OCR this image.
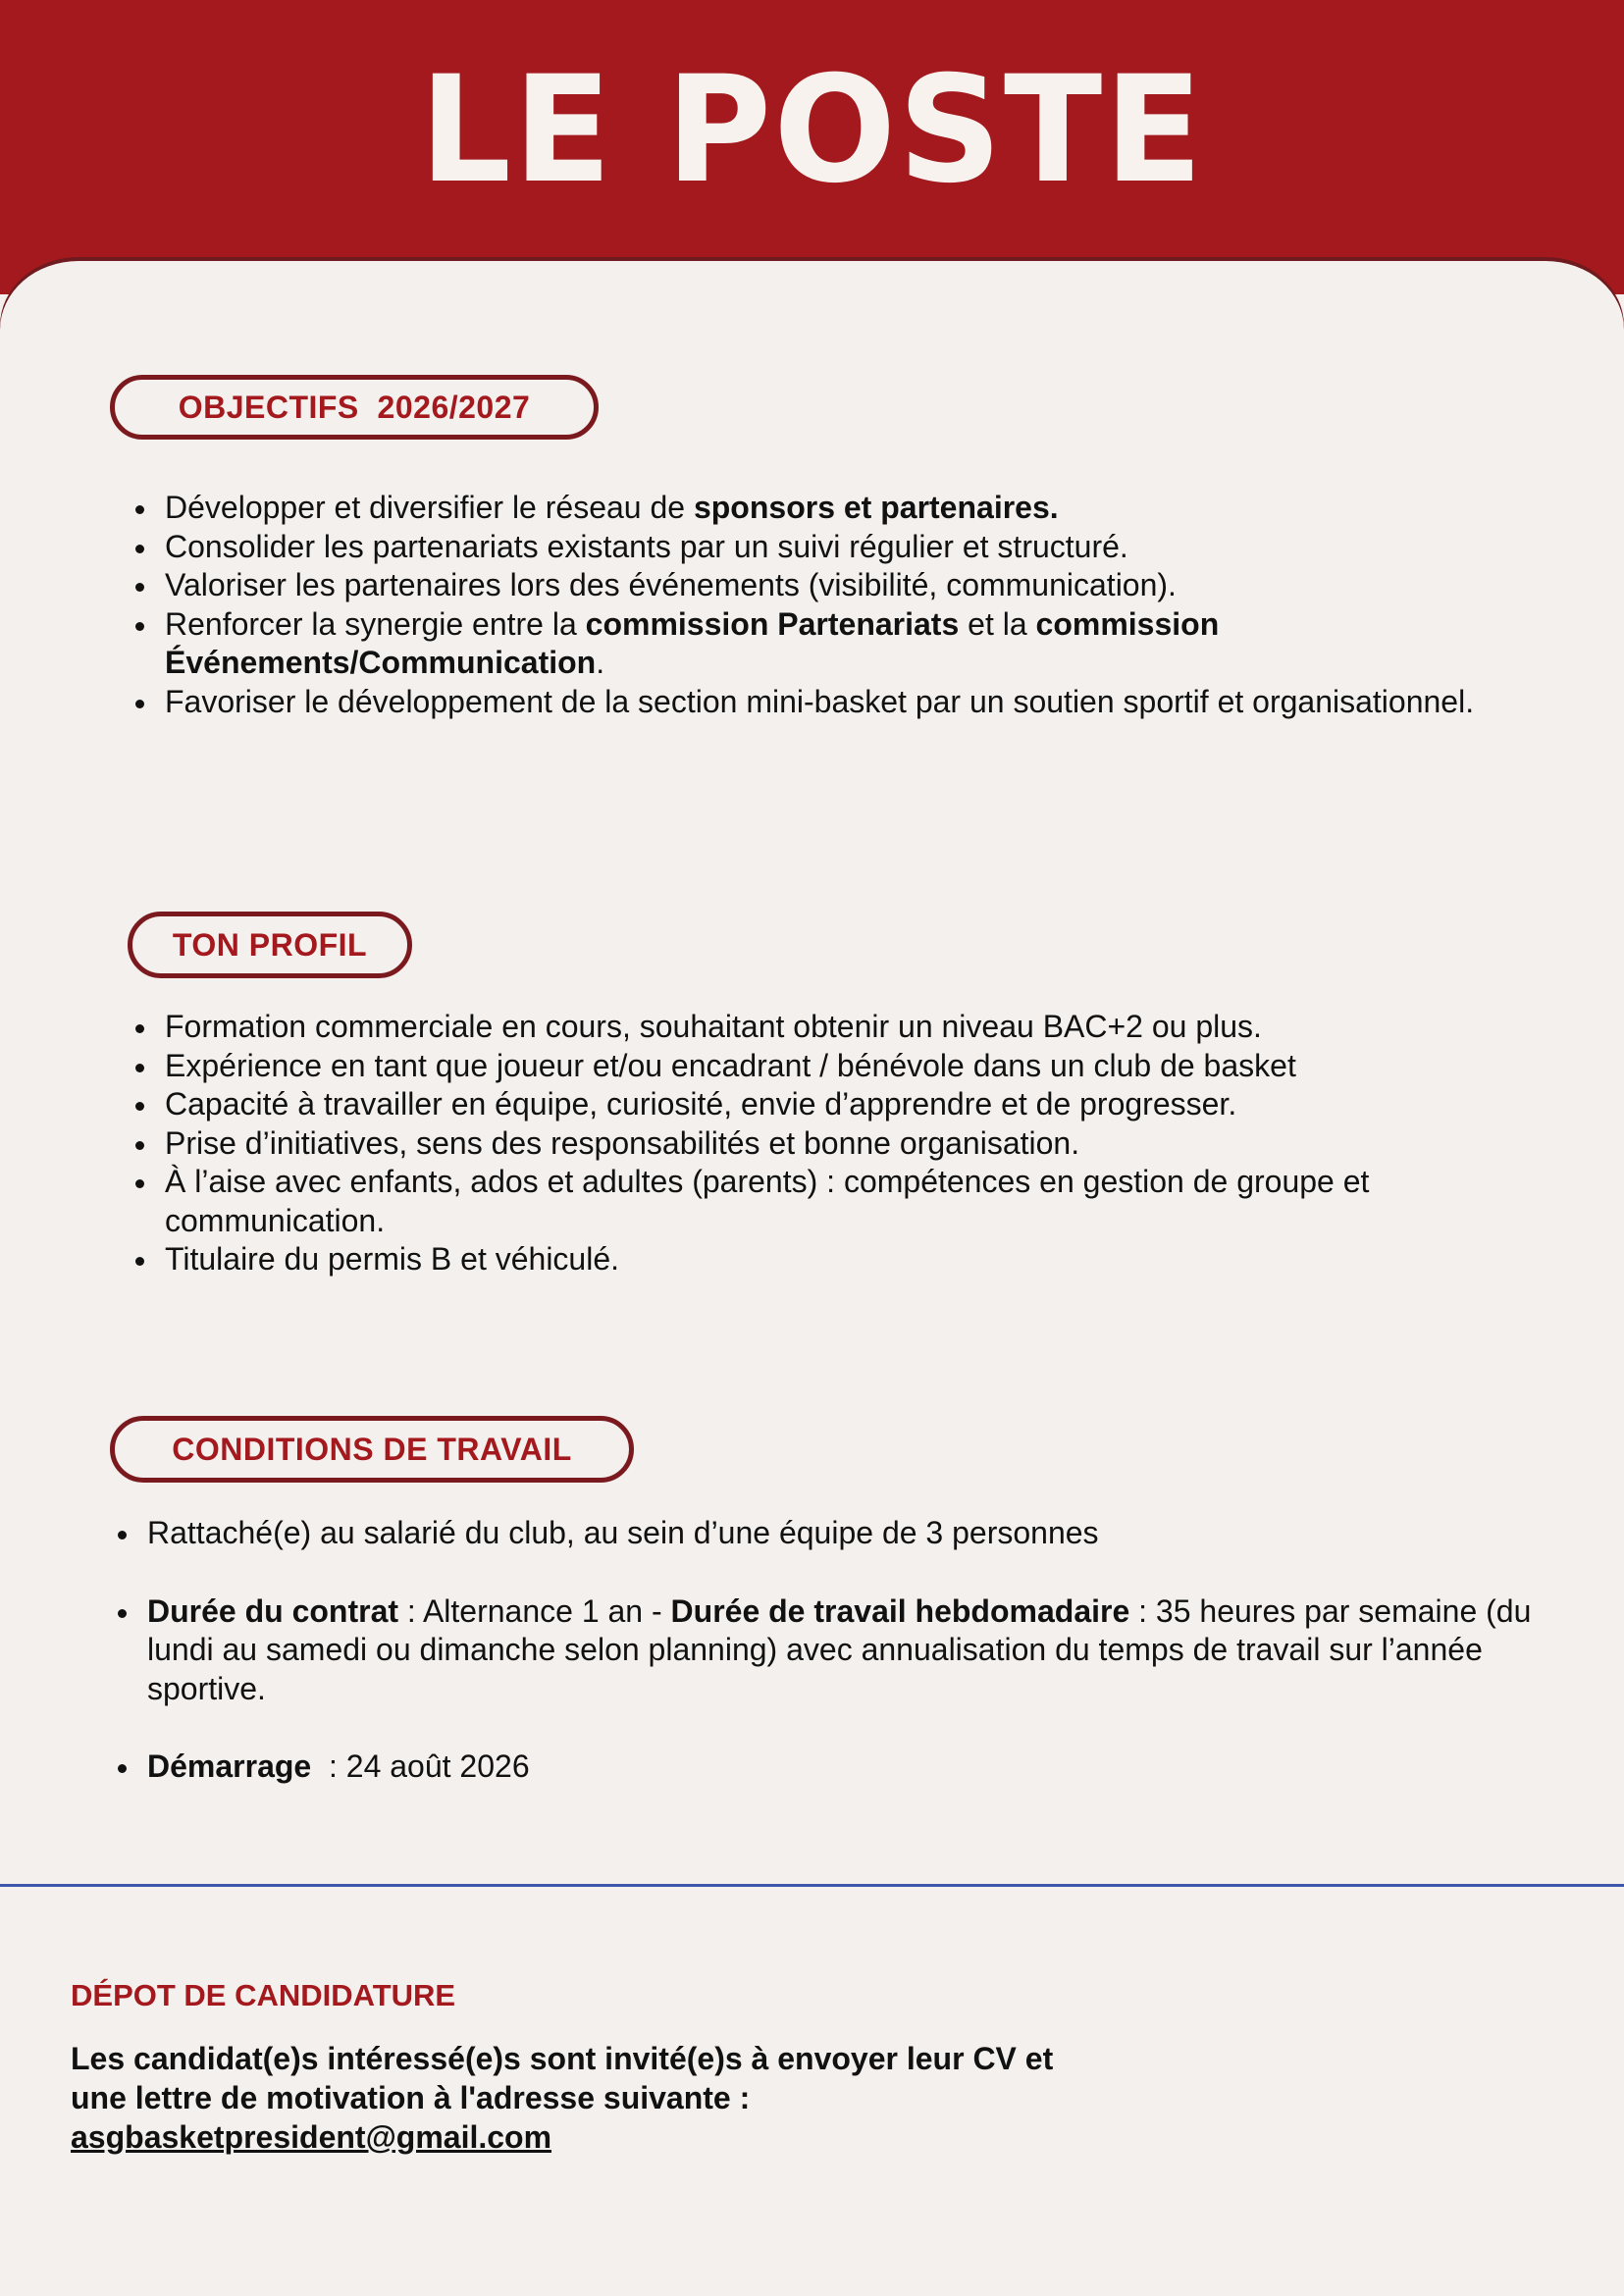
LE POSTE
OBJECTIFS  2026/2027
Développer et diversifier le réseau de sponsors et partenaires.
Consolider les partenariats existants par un suivi régulier et structuré.
Valoriser les partenaires lors des événements (visibilité, communication).
Renforcer la synergie entre la commission Partenariats et la commission Événements/Communication.
Favoriser le développement de la section mini-basket par un soutien sportif et organisationnel.
TON PROFIL
Formation commerciale en cours, souhaitant obtenir un niveau BAC+2 ou plus.
Expérience en tant que joueur et/ou encadrant / bénévole dans un club de basket
Capacité à travailler en équipe, curiosité, envie d’apprendre et de progresser.
Prise d’initiatives, sens des responsabilités et bonne organisation.
À l’aise avec enfants, ados et adultes (parents) : compétences en gestion de groupe et communication.
Titulaire du permis B et véhiculé.
CONDITIONS DE TRAVAIL
Rattaché(e) au salarié du club, au sein d’une équipe de 3 personnes
Durée du contrat : Alternance 1 an - Durée de travail hebdomadaire : 35 heures par semaine (du lundi au samedi ou dimanche selon planning) avec annualisation du temps de travail sur l’année sportive.
Démarrage  : 24 août 2026
DÉPOT DE CANDIDATURE
Les candidat(e)s intéressé(e)s sont invité(e)s à envoyer leur CV et
une lettre de motivation à l'adresse suivante :
asgbasketpresident@gmail.com
